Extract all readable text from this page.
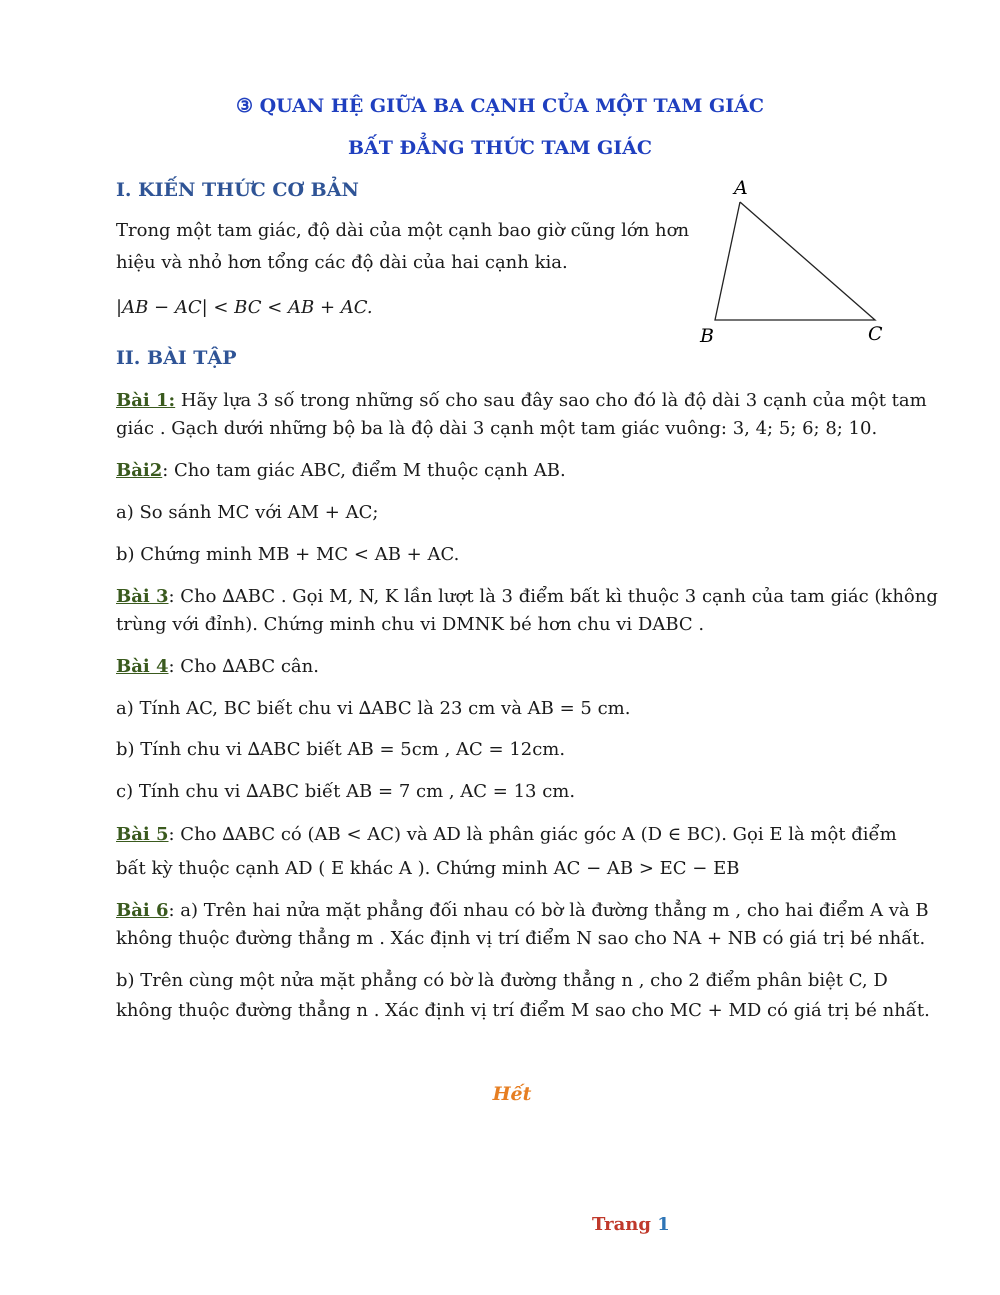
③ QUAN HỆ GIỮA BA CẠNH CỦA MỘT TAM GIÁC
BẤT ĐẲNG THỨC TAM GIÁC
I. KIẾN THỨC CƠ BẢN
Trong một tam giác, độ dài của một cạnh bao giờ cũng lớn hơn
hiệu và nhỏ hơn tổng các độ dài của hai cạnh kia.
|AB − AC| < BC < AB + AC.
A
B	C
II. BÀI TẬP
Bài 1: Hãy lựa 3 số trong những số cho sau đây sao cho đó là độ dài 3 cạnh của một tam
giác . Gạch dưới những bộ ba là độ dài 3 cạnh một tam giác vuông: 3, 4; 5; 6; 8; 10.
Bài2: Cho tam giác ABC, điểm M thuộc cạnh AB.
a) So sánh MC với AM + AC;
b) Chứng minh MB + MC < AB + AC.
Bài 3: Cho ∆ABC . Gọi M, N, K lần lượt là 3 điểm bất kì thuộc 3 cạnh của tam giác (không
trùng với đỉnh). Chứng minh chu vi DMNK bé hơn chu vi DABC .
Bài 4: Cho ∆ABC cân.
a) Tính AC, BC biết chu vi ∆ABC là 23 cm và AB = 5 cm.
b) Tính chu vi ∆ABC biết AB = 5cm , AC = 12cm.
c) Tính chu vi ∆ABC biết AB = 7 cm , AC = 13 cm.
Bài 5: Cho ∆ABC có (AB < AC) và AD là phân giác góc A (D ∈ BC). Gọi E là một điểm
bất kỳ thuộc cạnh AD ( E khác A ). Chứng minh AC − AB > EC − EB
Bài 6: a) Trên hai nửa mặt phẳng đối nhau có bờ là đường thẳng m , cho hai điểm A và B
không thuộc đường thẳng m . Xác định vị trí điểm N sao cho NA + NB có giá trị bé nhất.
b) Trên cùng một nửa mặt phẳng có bờ là đường thẳng n , cho 2 điểm phân biệt C, D
không thuộc đường thẳng n . Xác định vị trí điểm M sao cho MC + MD có giá trị bé nhất.
Hết
Trang 1
